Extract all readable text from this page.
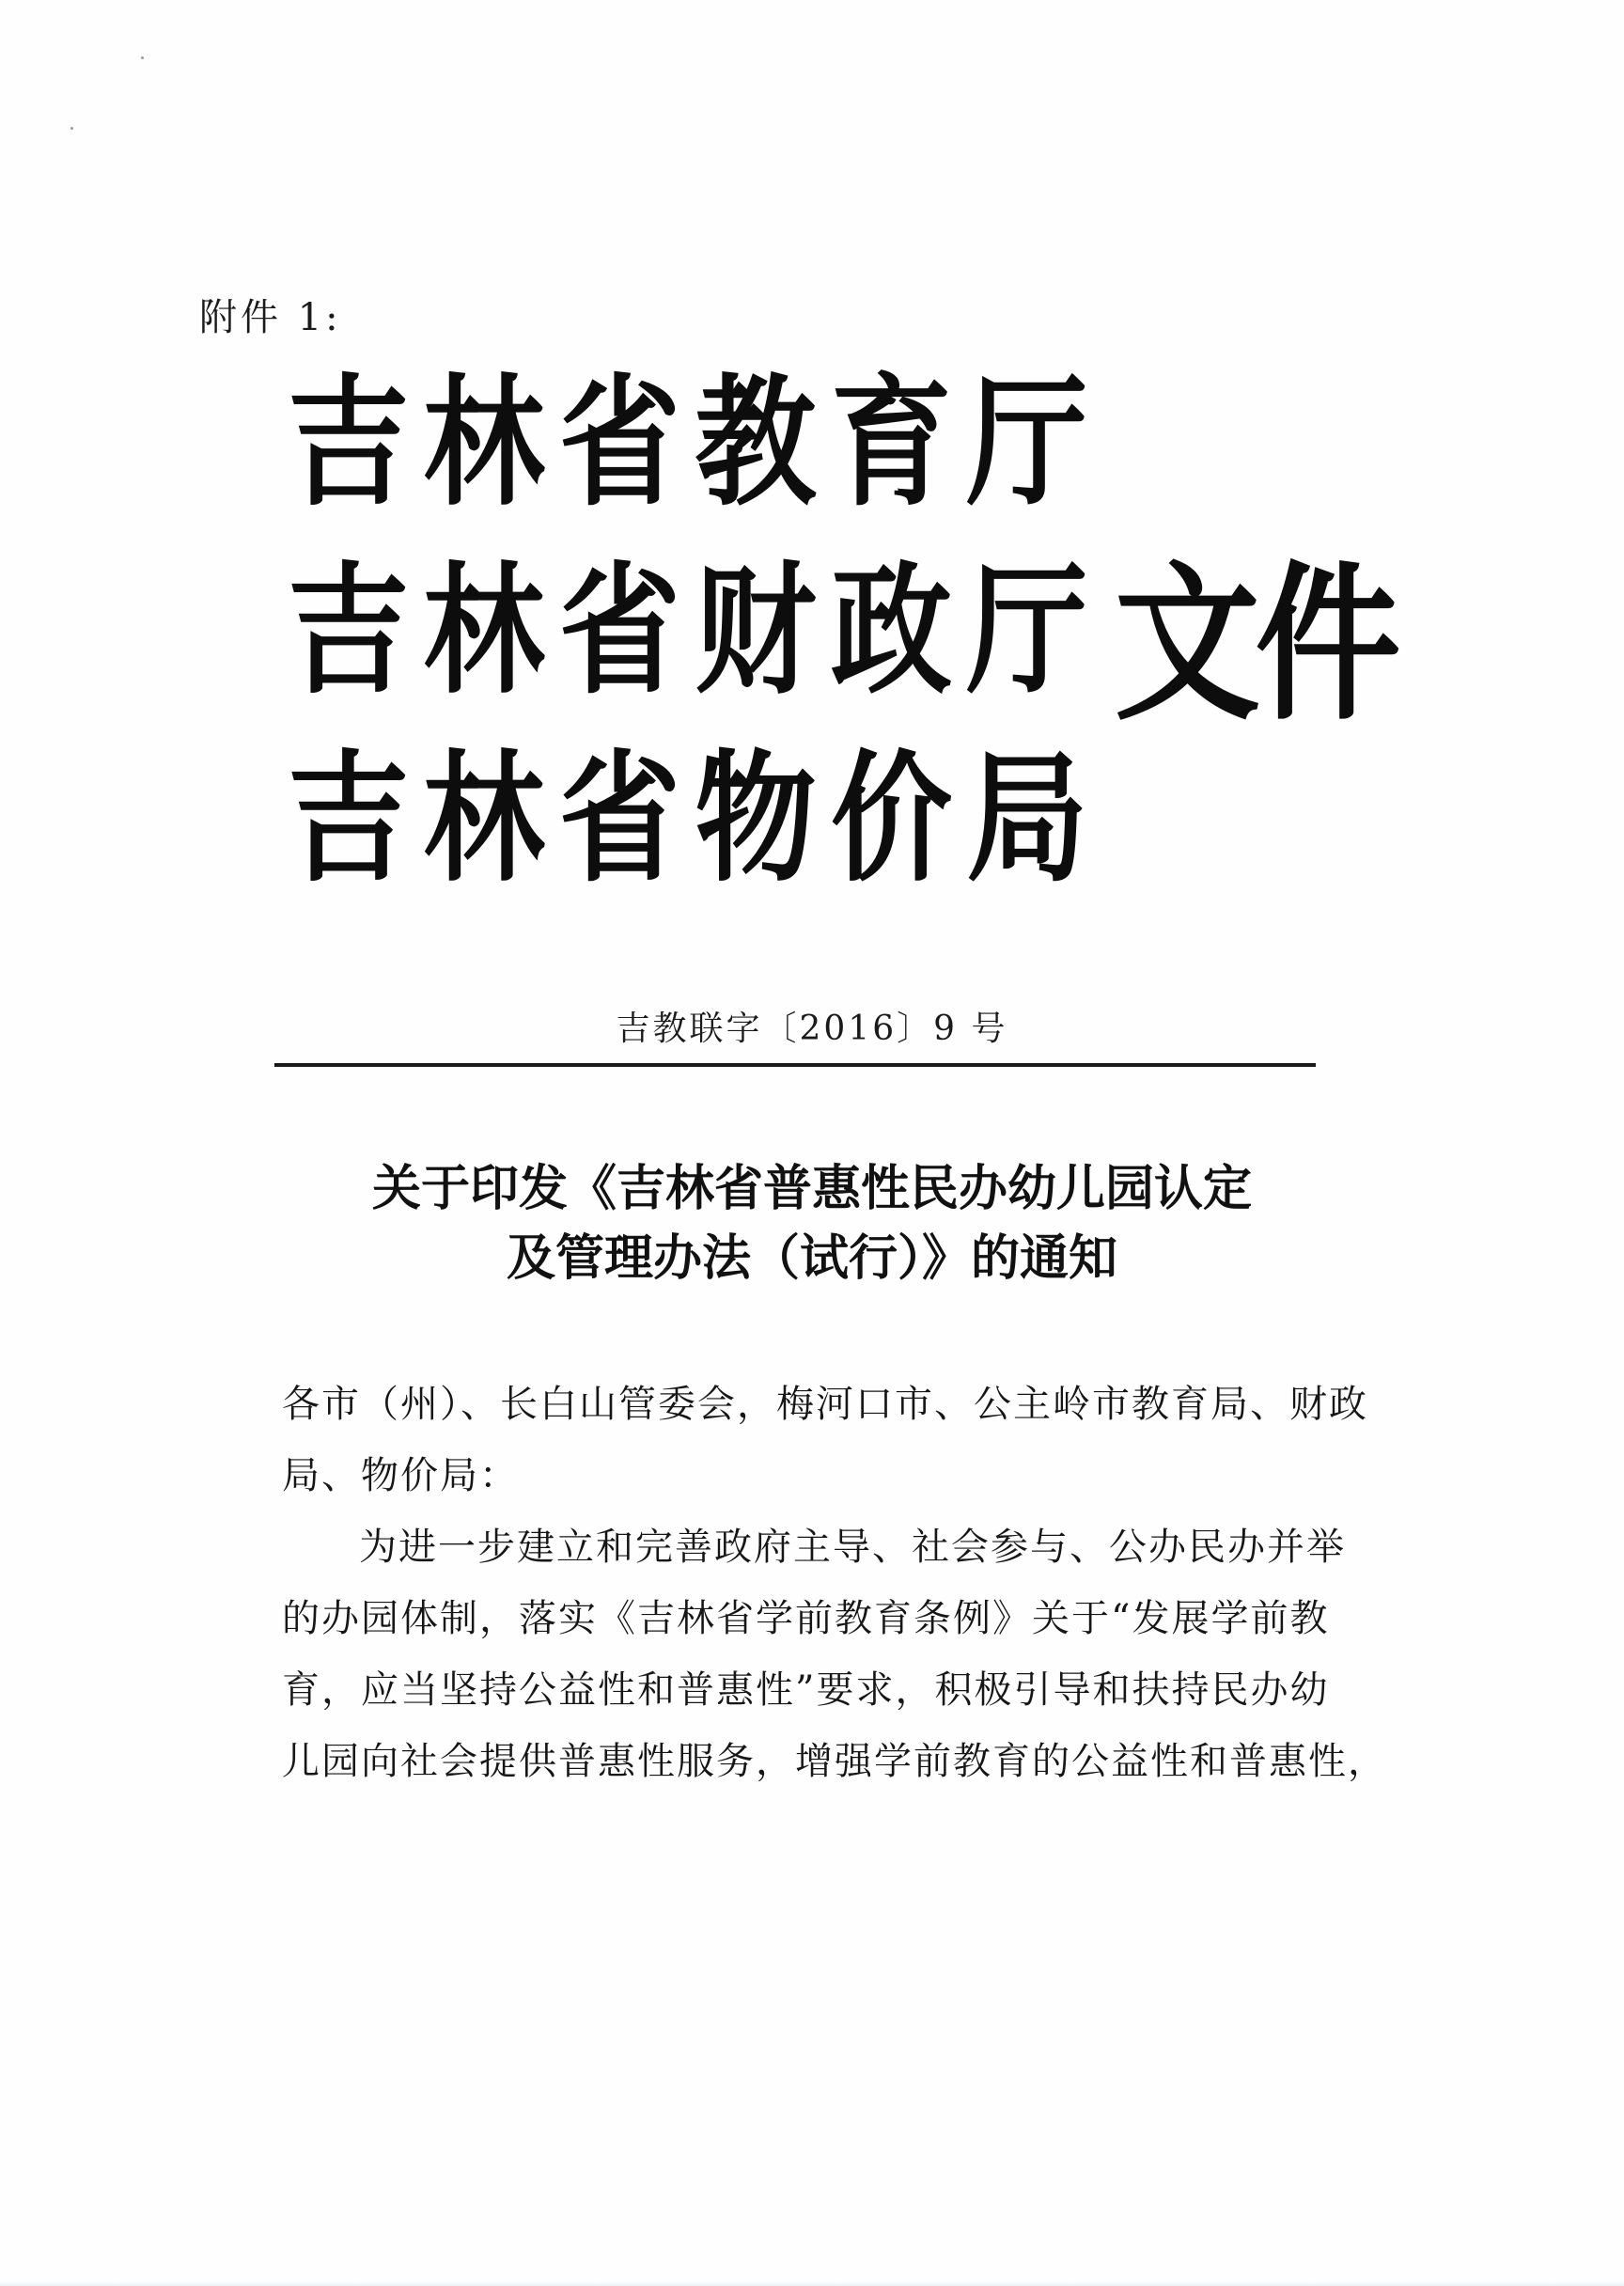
附件 1:
吉林省教育厅
吉林省财政厅
吉林省物价局
文件
吉教联字〔2016〕9 号
关于印发《吉林省普惠性民办幼儿园认定
及管理办法（试行）》的通知
各市（州）、长白山管委会，梅河口市、公主岭市教育局、财政
局、物价局：
为进一步建立和完善政府主导、社会参与、公办民办并举
的办园体制，落实《吉林省学前教育条例》关于“发展学前教
育，应当坚持公益性和普惠性”要求，积极引导和扶持民办幼
儿园向社会提供普惠性服务，增强学前教育的公益性和普惠性，
